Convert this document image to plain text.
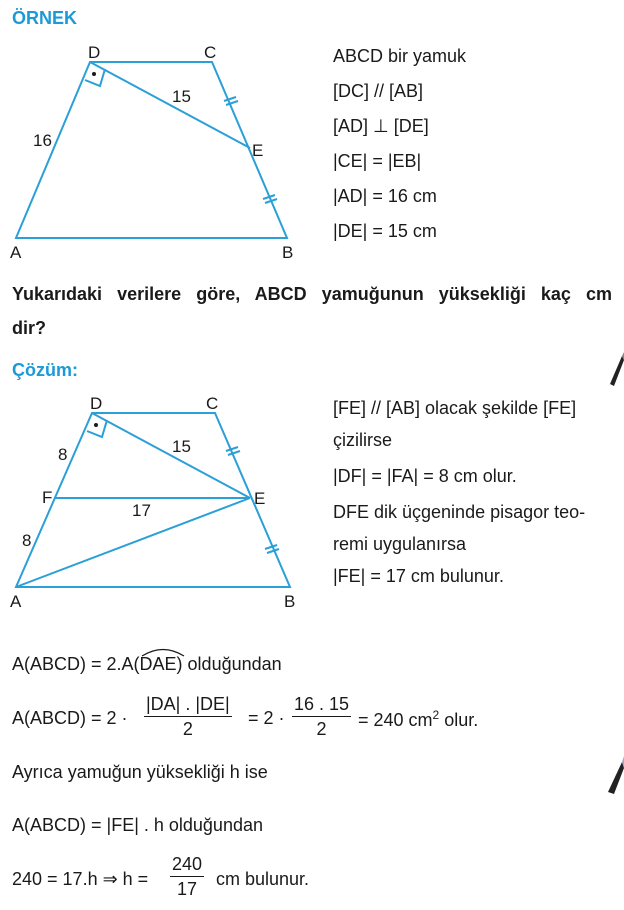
ÖRNEK
D	C
E
A	B
16
15
ABCD bir yamuk
[DC] // [AB]
[AD] ⊥ [DE]
|CE| = |EB|
|AD| = 16 cm
|DE| = 15 cm
Yukarıdaki verilere göre, ABCD yamuğunun yüksekliği kaç cm
dir?
Çözüm:
D	C
E
F
A	B
8
8
15
17
[FE] // [AB] olacak şekilde [FE]
çizilirse
|DF| = |FA| = 8 cm olur.
DFE dik üçgeninde pisagor teo-
remi uygulanırsa
|FE| = 17 cm bulunur.
A(ABCD) = 2.A(
DAE) olduğundan
A(ABCD) = $2 \cdot \frac{|DA| . |DE|}{2} = 2 \cdot \frac{16 . 15}{2} = 240$ $cm^2$ olur.
Ayrıca yamuğun yüksekliği h ise
A(ABCD) = |FE| . h olduğundan
240 = 17.h ⇒ $h = \frac{240}{17}$ cm bulunur.
